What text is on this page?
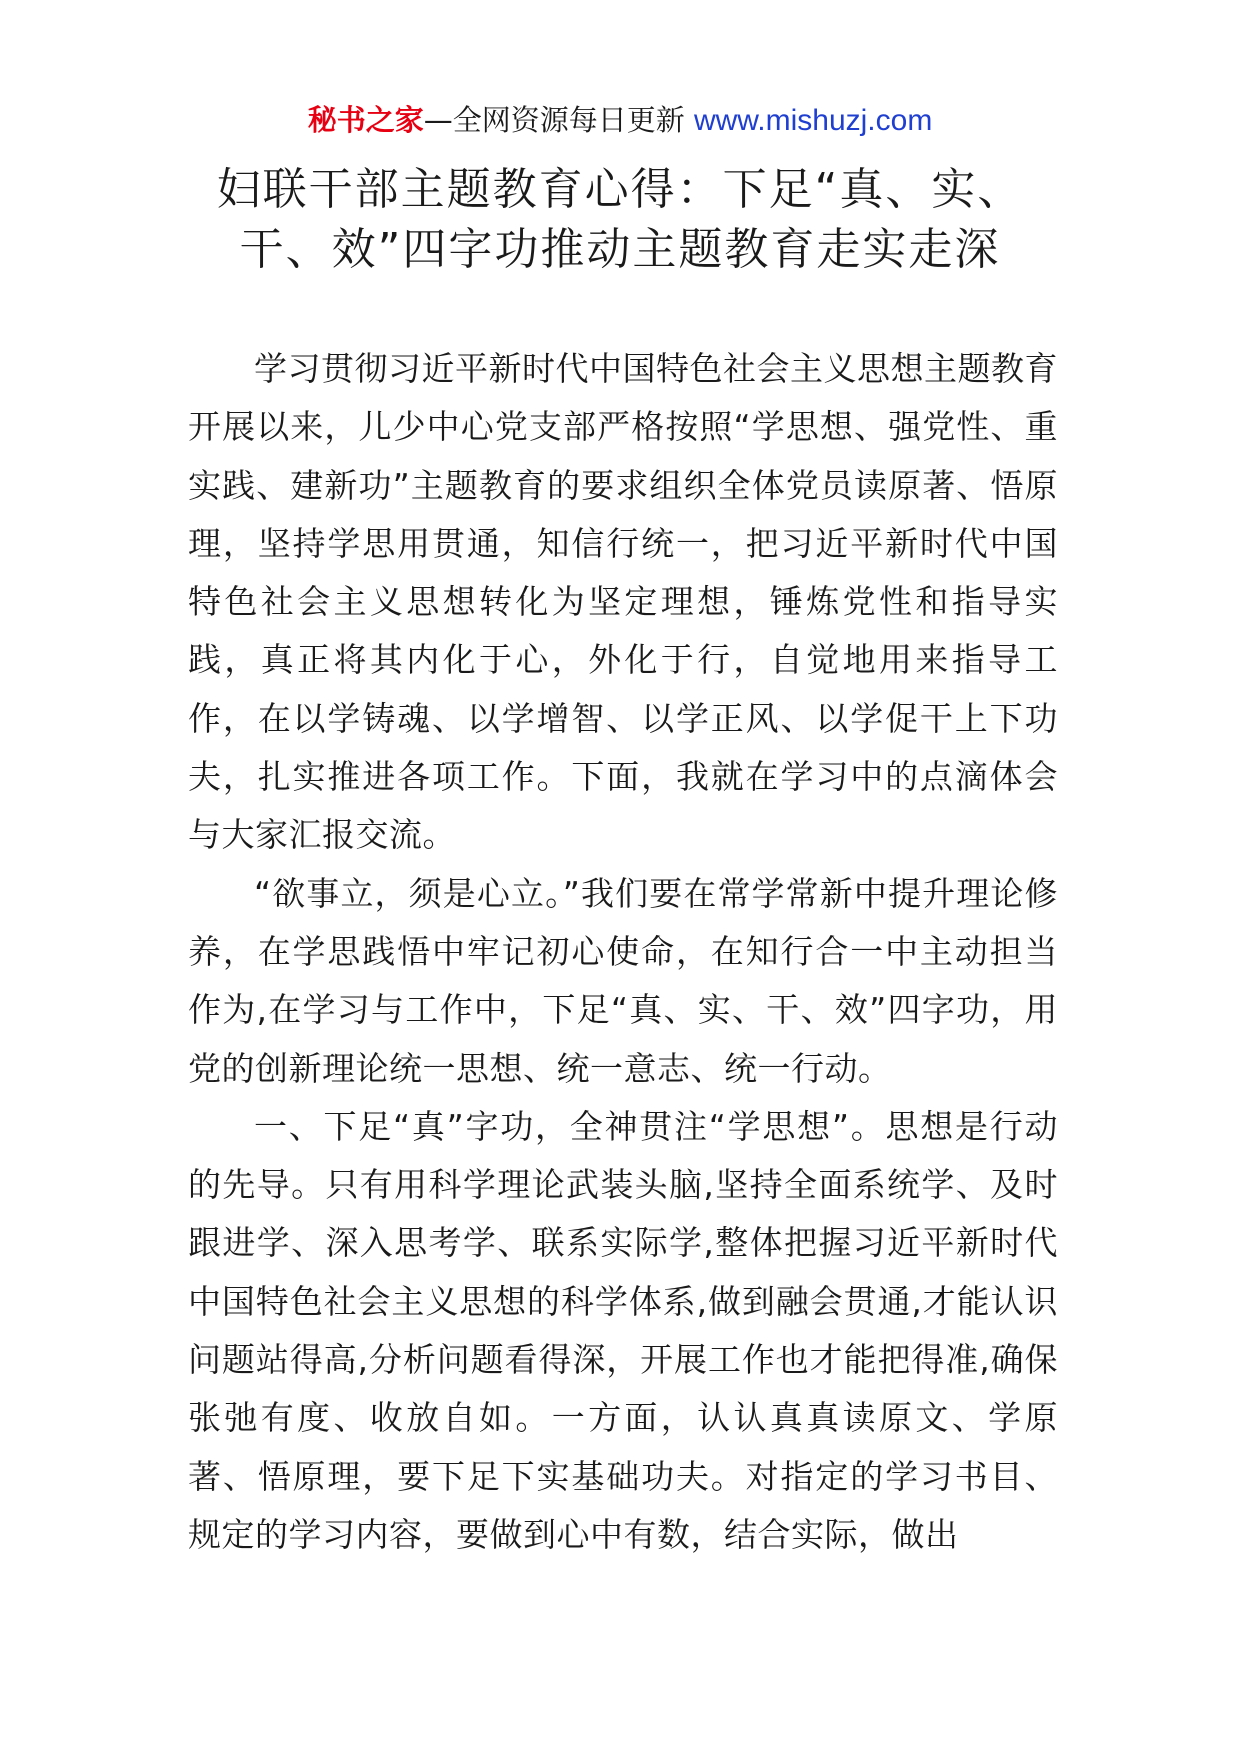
秘书之家—全网资源每日更新 www.mishuzj.com
妇联干部主题教育心得：下足“真、实、
干、效”四字功推动主题教育走实走深

学习贯彻习近平新时代中国特色社会主义思想主题教育开展以来，儿少中心党支部严格按照“学思想、强党性、重实践、建新功”主题教育的要求组织全体党员读原著、悟原理，坚持学思用贯通，知信行统一，把习近平新时代中国特色社会主义思想转化为坚定理想，锤炼党性和指导实践，真正将其内化于心，外化于行，自觉地用来指导工作，在以学铸魂、以学增智、以学正风、以学促干上下功夫，扎实推进各项工作。下面，我就在学习中的点滴体会与大家汇报交流。

“欲事立，须是心立。”我们要在常学常新中提升理论修养，在学思践悟中牢记初心使命，在知行合一中主动担当作为,在学习与工作中，下足“真、实、干、效”四字功，用党的创新理论统一思想、统一意志、统一行动。

一、下足“真”字功，全神贯注“学思想”。思想是行动的先导。只有用科学理论武装头脑,坚持全面系统学、及时跟进学、深入思考学、联系实际学,整体把握习近平新时代中国特色社会主义思想的科学体系,做到融会贯通,才能认识问题站得高,分析问题看得深，开展工作也才能把得准,确保张弛有度、收放自如。一方面，认认真真读原文、学原著、悟原理，要下足下实基础功夫。对指定的学习书目、规定的学习内容，要做到心中有数，结合实际，做出
